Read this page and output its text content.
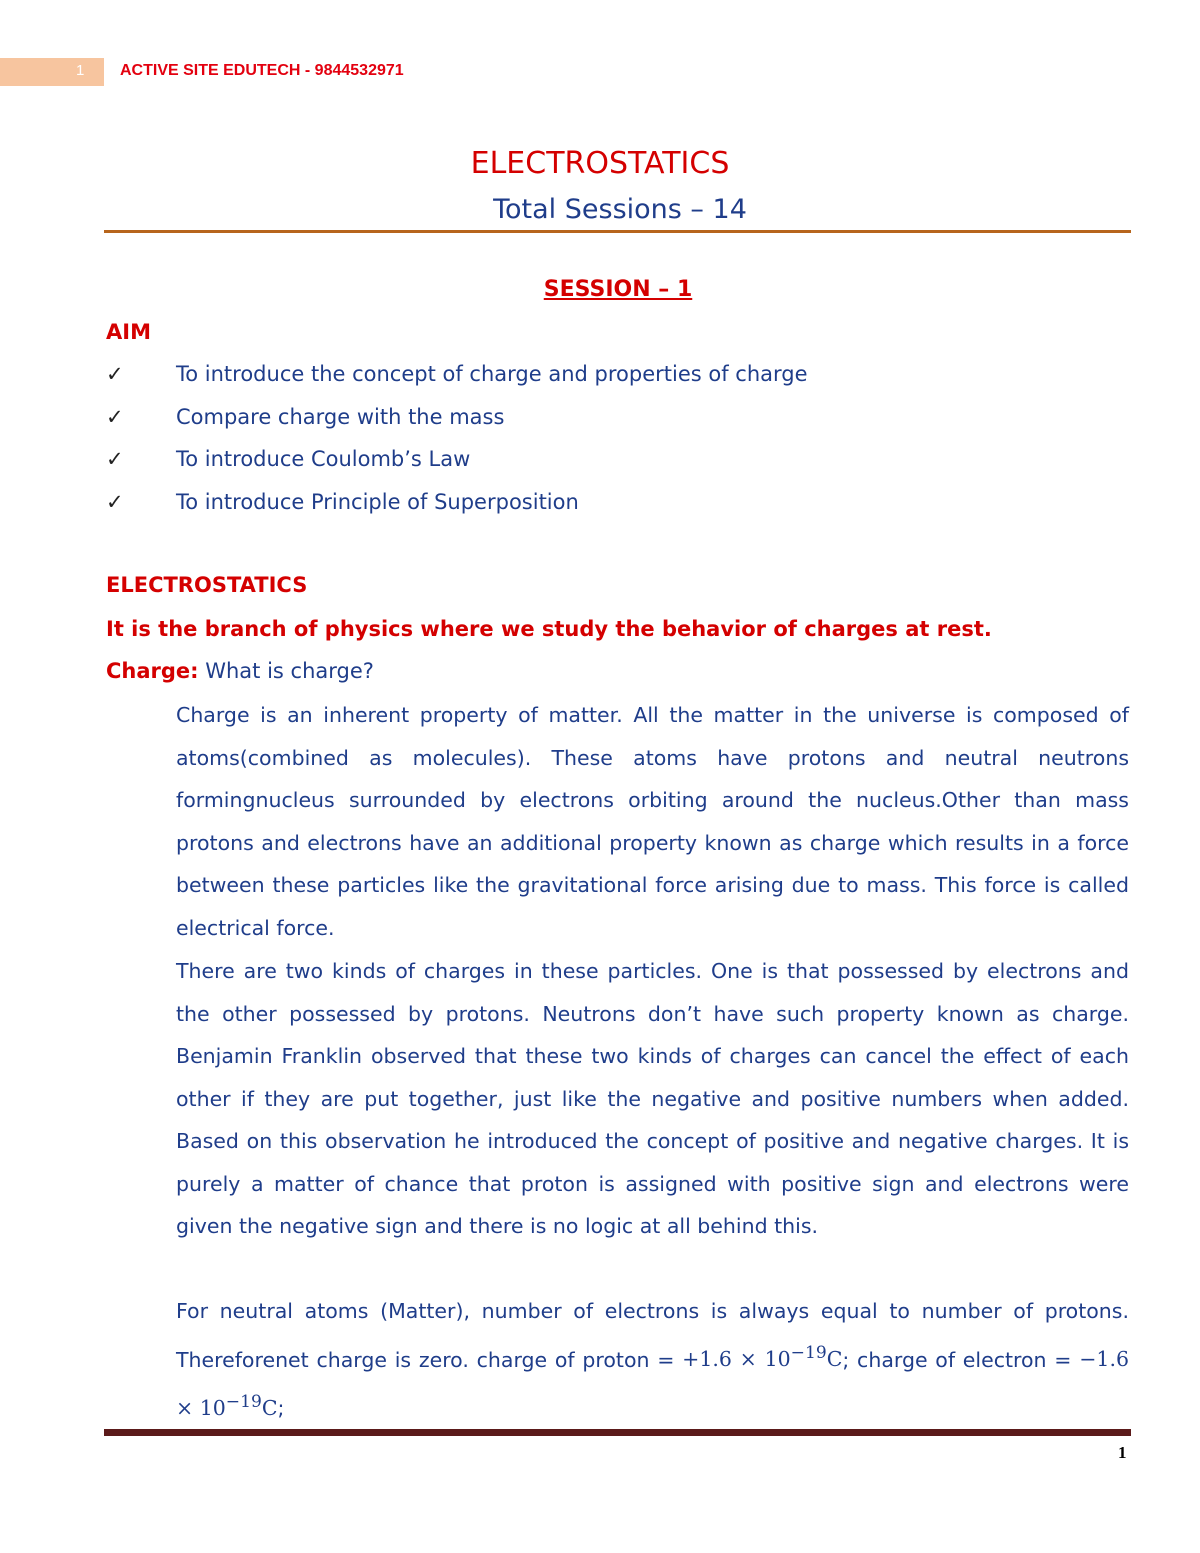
1 ACTIVE SITE EDUTECH - 9844532971
ELECTROSTATICS
Total Sessions – 14
SESSION – 1
AIM
✓ To introduce the concept of charge and properties of charge
✓ Compare charge with the mass
✓ To introduce Coulomb’s Law
✓ To introduce Principle of Superposition
ELECTROSTATICS
It is the branch of physics where we study the behavior of charges at rest.
Charge: What is charge?

Charge is an inherent property of matter. All the matter in the universe is composed of atoms(combined as molecules). These atoms have protons and neutral neutrons formingnucleus surrounded by electrons orbiting around the nucleus.Other than mass protons and electrons have an additional property known as charge which results in a force between these particles like the gravitational force arising due to mass. This force is called electrical force.

There are two kinds of charges in these particles. One is that possessed by electrons and the other possessed by protons. Neutrons don’t have such property known as charge. Benjamin Franklin observed that these two kinds of charges can cancel the effect of each other if they are put together, just like the negative and positive numbers when added. Based on this observation he introduced the concept of positive and negative charges. It is purely a matter of chance that proton is assigned with positive sign and electrons were given the negative sign and there is no logic at all behind this.

For neutral atoms (Matter), number of electrons is always equal to number of protons. Thereforenet charge is zero. charge of proton = $+1.6 \times 10^{-19}C$; charge of electron = $-1.6 \times 10^{-19}C$;

1
